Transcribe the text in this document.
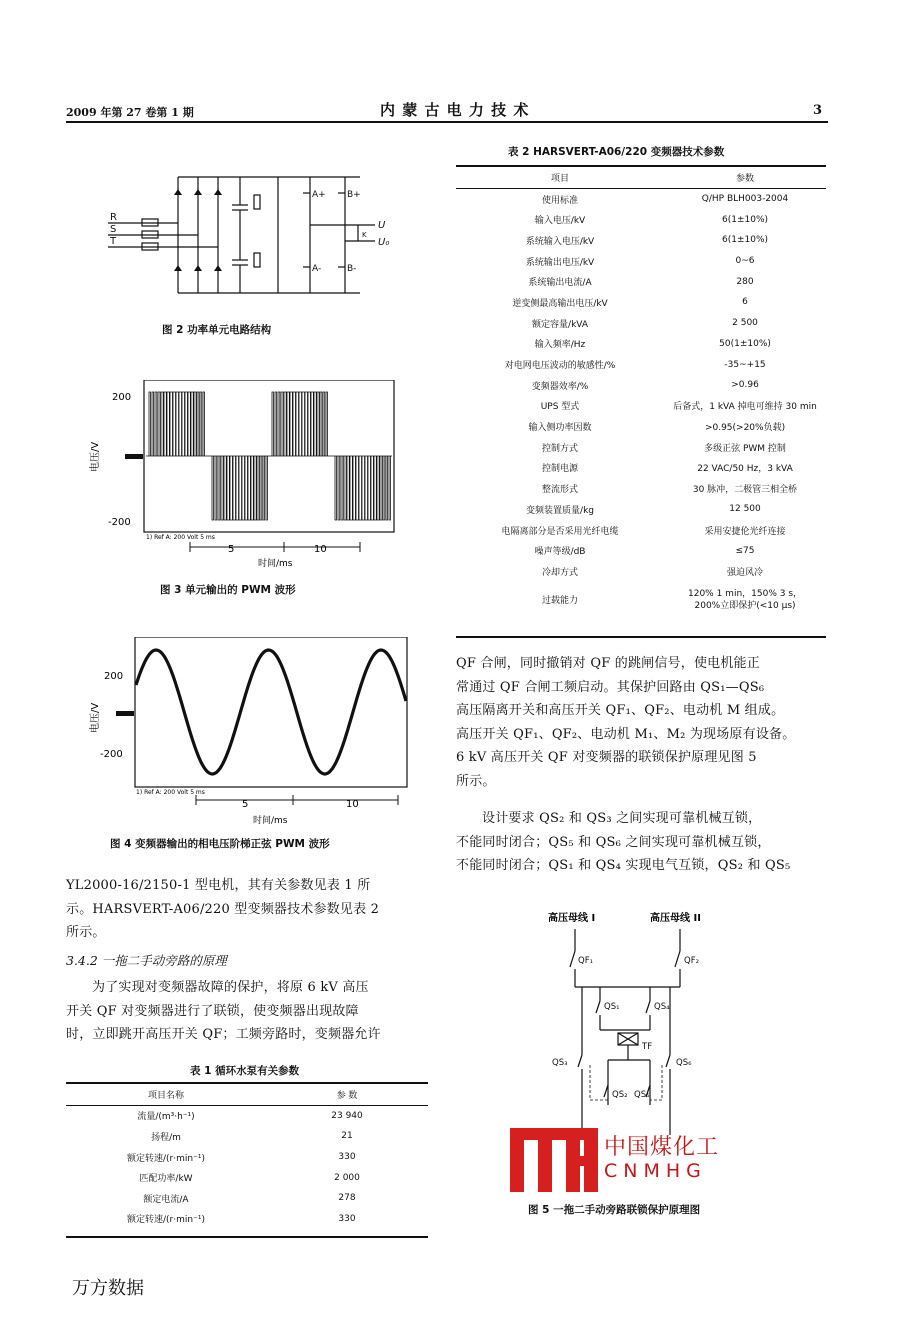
2009 年第 27 卷第 1 期	内 蒙 古 电 力 技 术	3
R
S
T
U
U₀
K
A+ B+
A-	B-
图 2 功率单元电路结构
200
-200
电压/V
1) Ref A: 200 Volt 5 ms
5	10
时间/ms
图 3 单元输出的 PWM 波形
200
-200
电压/V
1) Ref A: 200 Volt 5 ms
5	10
时间/ms
图 4 变频器输出的相电压阶梯正弦 PWM 波形

YL2000-16/2150-1 型电机，其有关参数见表 1 所

示。HARSVERT-A06/220 型变频器技术参数见表 2

所示。

3.4.2 一拖二手动旁路的原理

为了实现对变频器故障的保护，将原 6 kV 高压

开关 QF 对变频器进行了联锁，使变频器出现故障

时，立即跳开高压开关 QF；工频旁路时，变频器允许

表 1 循环水泵有关参数
项目名称	参 数
流量/(m³·h⁻¹)	23 940
扬程/m	21
额定转速/(r·min⁻¹)	330
匹配功率/kW	2 000
额定电流/A	278
额定转速/(r·min⁻¹)	330
表 2 HARSVERT-A06/220 变频器技术参数
项目	参数
使用标准	Q/HP BLH003-2004
输入电压/kV	6(1±10%)
系统输入电压/kV	6(1±10%)
系统输出电压/kV	0~6
系统输出电流/A	280
逆变侧最高输出电压/kV	6
额定容量/kVA	2 500
输入频率/Hz	50(1±10%)
对电网电压波动的敏感性/%	-35~+15
变频器效率/%	>0.96
UPS 型式	后备式，1 kVA 掉电可维持 30 min
输入侧功率因数	>0.95(>20%负载)
控制方式	多级正弦 PWM 控制
控制电源	22 VAC/50 Hz，3 kVA
整流形式	30 脉冲，二极管三相全桥
变频装置质量/kg	12 500
电隔离部分是否采用光纤电缆	采用安捷伦光纤连接
噪声等级/dB	≤75
冷却方式	强迫风冷
过载能力	120% 1 min，150% 3 s，
200%立即保护(<10 μs)

QF 合闸，同时撤销对 QF 的跳闸信号，使电机能正

常通过 QF 合闸工频启动。其保护回路由 QS₁—QS₆

高压隔离开关和高压开关 QF₁、QF₂、电动机 M 组成。

高压开关 QF₁、QF₂、电动机 M₁、M₂ 为现场原有设备。

6 kV 高压开关 QF 对变频器的联锁保护原理见图 5

所示。

设计要求 QS₂ 和 QS₃ 之间实现可靠机械互锁，

不能同时闭合；QS₅ 和 QS₆ 之间实现可靠机械互锁，

不能同时闭合；QS₁ 和 QS₄ 实现电气互锁，QS₂ 和 QS₅

高压母线 I	高压母线 II
QF₁	QF₂
QS₁	QS₄
TF
QS₃	QS₆
QS₂ QS₅
中国煤化工
CNMHG
图 5 一拖二手动旁路联锁保护原理图
万方数据
